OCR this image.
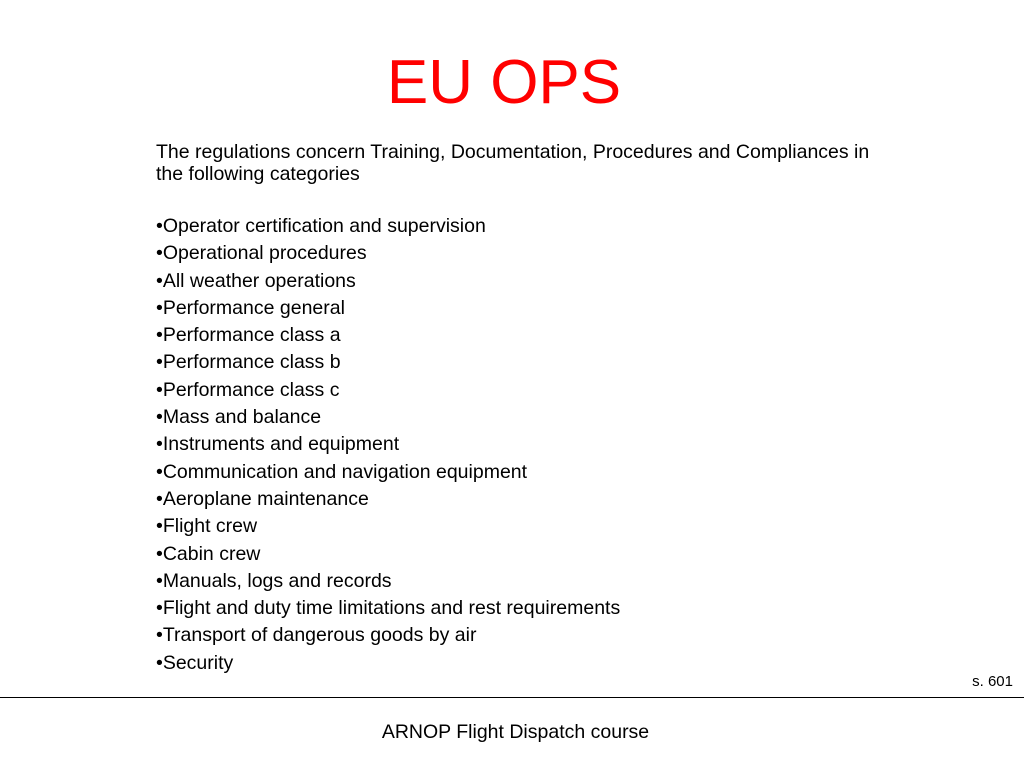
EU OPS

The regulations concern Training, Documentation, Procedures and Compliances in the following categories

• Operator certification and supervision
• Operational procedures
• All weather operations
• Performance general
• Performance class a
• Performance class b
• Performance class c
• Mass and balance
• Instruments and equipment
• Communication and navigation equipment
• Aeroplane maintenance
• Flight crew
• Cabin crew
• Manuals, logs and records
• Flight and duty time limitations and rest requirements
• Transport of dangerous goods by air
• Security
s. 601
ARNOP Flight Dispatch course
